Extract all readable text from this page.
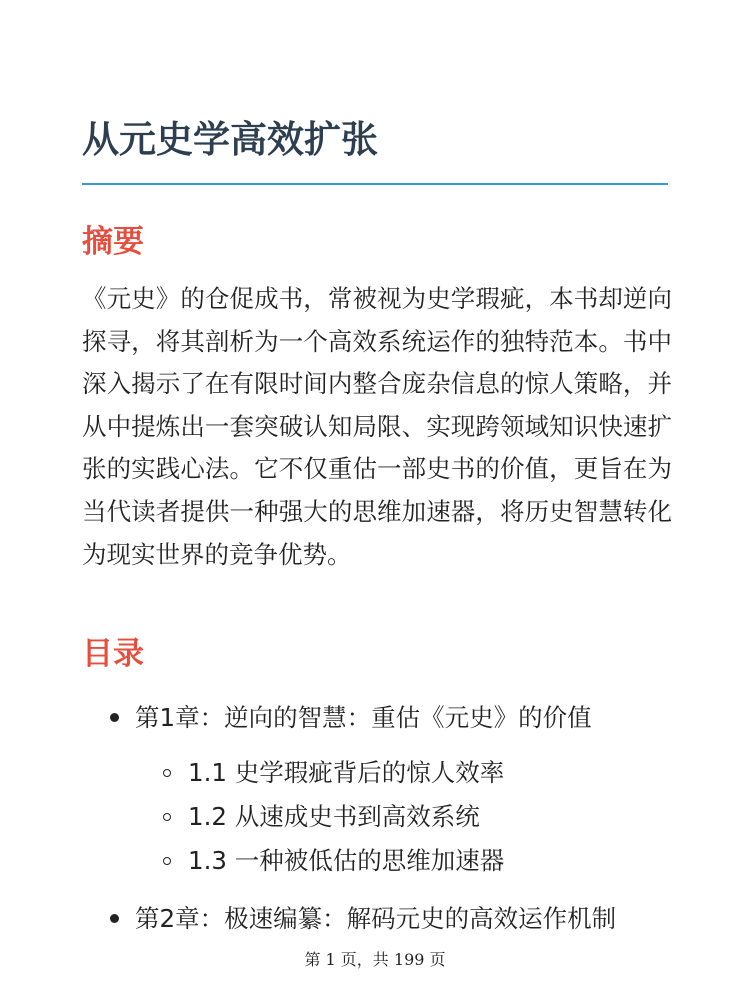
从元史学高效扩张
摘要

《元史》的仓促成书，常被视为史学瑕疵，本书却逆向探寻，将其剖析为一个高效系统运作的独特范本。书中深入揭示了在有限时间内整合庞杂信息的惊人策略，并从中提炼出一套突破认知局限、实现跨领域知识快速扩张的实践心法。它不仅重估一部史书的价值，更旨在为当代读者提供一种强大的思维加速器，将历史智慧转化为现实世界的竞争优势。

目录
第1章：逆向的智慧：重估《元史》的价值
1.1 史学瑕疵背后的惊人效率
1.2 从速成史书到高效系统
1.3 一种被低估的思维加速器
第2章：极速编纂：解码元史的高效运作机制
第 1 页，共 199 页
